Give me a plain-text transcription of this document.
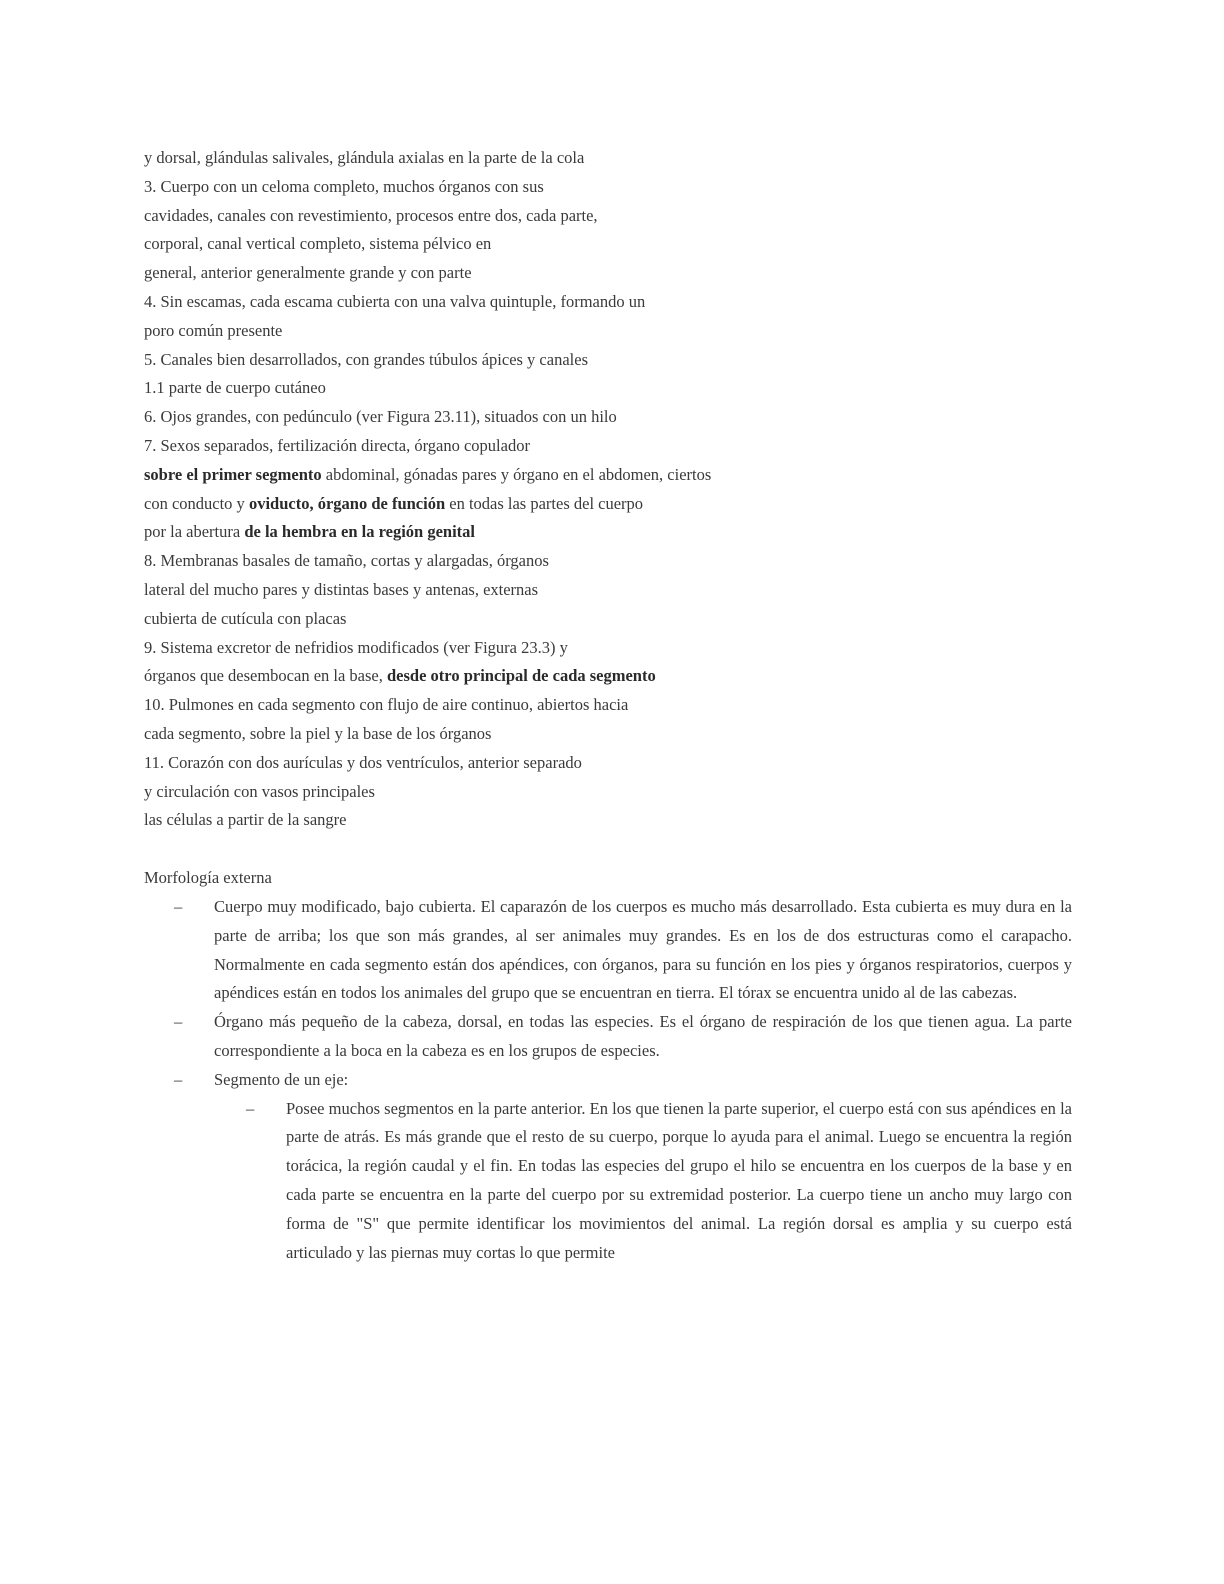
y dorsal, glándulas salivales, glándula axialas en la parte de la cola
3. Cuerpo con un celoma completo, muchos órganos con sus
cavidades, canales con revestimiento, procesos entre dos, cada parte,
corporal, canal vertical completo, sistema pélvico en
general, anterior generalmente grande y con parte
4. Sin escamas, cada escama cubierta con una valva quintuple, formando un
poro común presente
5. Canales bien desarrollados, con grandes túbulos ápices y canales
1.1 parte de cuerpo cutáneo
6. Ojos grandes, con pedúnculo (ver Figura 23.11), situados con un hilo
7. Sexos separados, fertilización directa, órgano copulador
sobre el primer segmento abdominal, gónadas pares y órgano en el abdomen, ciertos
con conducto y oviducto, órgano de función en todas las partes del cuerpo
por la abertura de la hembra en la región genital
8. Membranas basales de tamaño, cortas y alargadas, órganos
lateral del mucho pares y distintas bases y antenas, externas
cubierta de cutícula con placas
9. Sistema excretor de nefridios modificados (ver Figura 23.3) y
órganos que desembocan en la base, desde otro principal de cada segmento
10. Pulmones en cada segmento con flujo de aire continuo, abiertos hacia
cada segmento, sobre la piel y la base de los órganos
11. Corazón con dos aurículas y dos ventrículos, anterior separado
y circulación con vasos principales
las células a partir de la sangre
Morfología externa
– Cuerpo muy modificado, bajo cubierta. El caparazón de los cuerpos es mucho más desarrollado. Esta cubierta es muy dura en la parte de arriba; los que son más grandes, al ser animales muy grandes. Es en los de dos estructuras como el carapacho. Normalmente en cada segmento están dos apéndices, con órganos, para su función en los pies y órganos respiratorios, cuerpos y apéndices están en todos los animales del grupo que se encuentran en tierra. El tórax se encuentra unido al de las cabezas.
– Órgano más pequeño de la cabeza, dorsal, en todas las especies. Es el órgano de respiración de los que tienen agua. La parte correspondiente a la boca en la cabeza es en los grupos de especies.
– Segmento de un eje:
– Posee muchos segmentos en la parte anterior. En los que tienen la parte superior, el cuerpo está con sus apéndices en la parte de atrás. Es más grande que el resto de su cuerpo, porque lo ayuda para el animal. Luego se encuentra la región torácica, la región caudal y el fin. En todas las especies del grupo el hilo se encuentra en los cuerpos de la base y en cada parte se encuentra en la parte del cuerpo por su extremidad posterior. La cuerpo tiene un ancho muy largo con forma de "S" que permite identificar los movimientos del animal. La región dorsal es amplia y su cuerpo está articulado y las piernas muy cortas lo que permite
